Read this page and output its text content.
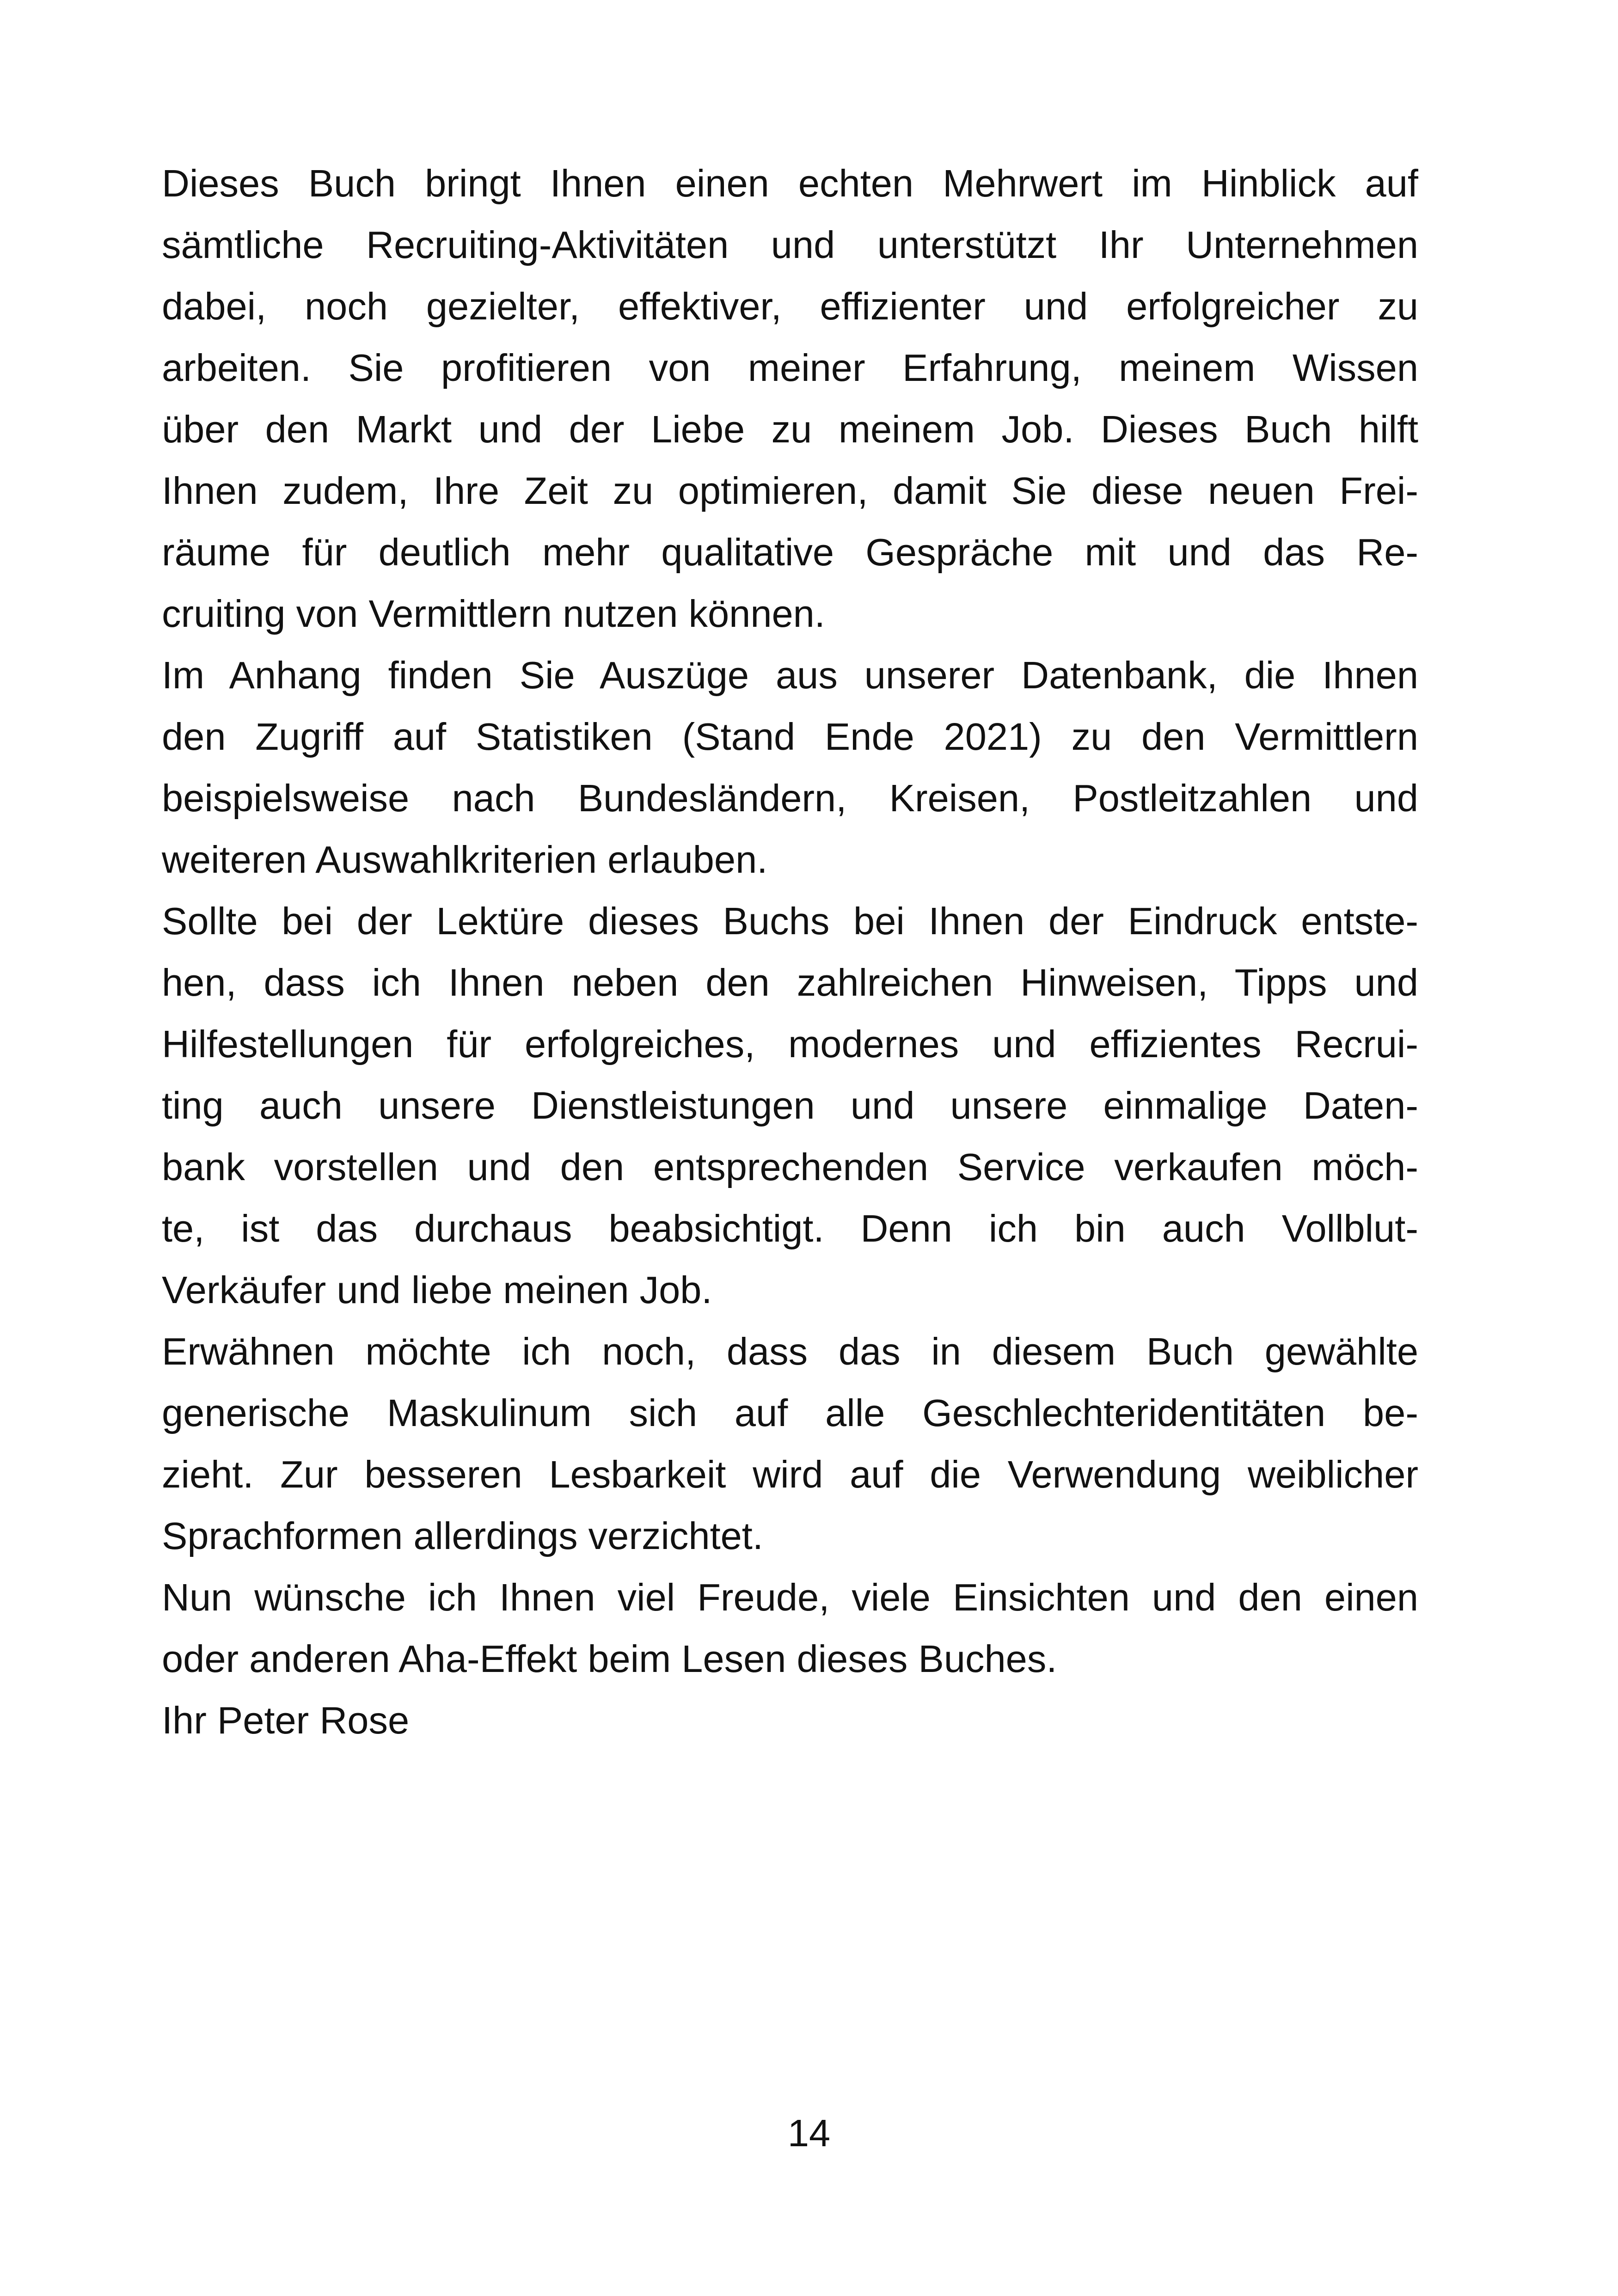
Dieses Buch bringt Ihnen einen echten Mehrwert im Hinblick auf
sämtliche Recruiting-Aktivitäten und unterstützt Ihr Unternehmen
dabei, noch gezielter, effektiver, effizienter und erfolgreicher zu
arbeiten. Sie profitieren von meiner Erfahrung, meinem Wissen
über den Markt und der Liebe zu meinem Job. Dieses Buch hilft
Ihnen zudem, Ihre Zeit zu optimieren, damit Sie diese neuen Frei-
räume für deutlich mehr qualitative Gespräche mit und das Re-
cruiting von Vermittlern nutzen können.
Im Anhang finden Sie Auszüge aus unserer Datenbank, die Ihnen
den Zugriff auf Statistiken (Stand Ende 2021) zu den Vermittlern
beispielsweise nach Bundesländern, Kreisen, Postleitzahlen und
weiteren Auswahlkriterien erlauben.
Sollte bei der Lektüre dieses Buchs bei Ihnen der Eindruck entste-
hen, dass ich Ihnen neben den zahlreichen Hinweisen, Tipps und
Hilfestellungen für erfolgreiches, modernes und effizientes Recrui-
ting auch unsere Dienstleistungen und unsere einmalige Daten-
bank vorstellen und den entsprechenden Service verkaufen möch-
te, ist das durchaus beabsichtigt. Denn ich bin auch Vollblut-
Verkäufer und liebe meinen Job.
Erwähnen möchte ich noch, dass das in diesem Buch gewählte
generische Maskulinum sich auf alle Geschlechteridentitäten be-
zieht. Zur besseren Lesbarkeit wird auf die Verwendung weiblicher
Sprachformen allerdings verzichtet.
Nun wünsche ich Ihnen viel Freude, viele Einsichten und den einen
oder anderen Aha-Effekt beim Lesen dieses Buches.
Ihr Peter Rose
14
